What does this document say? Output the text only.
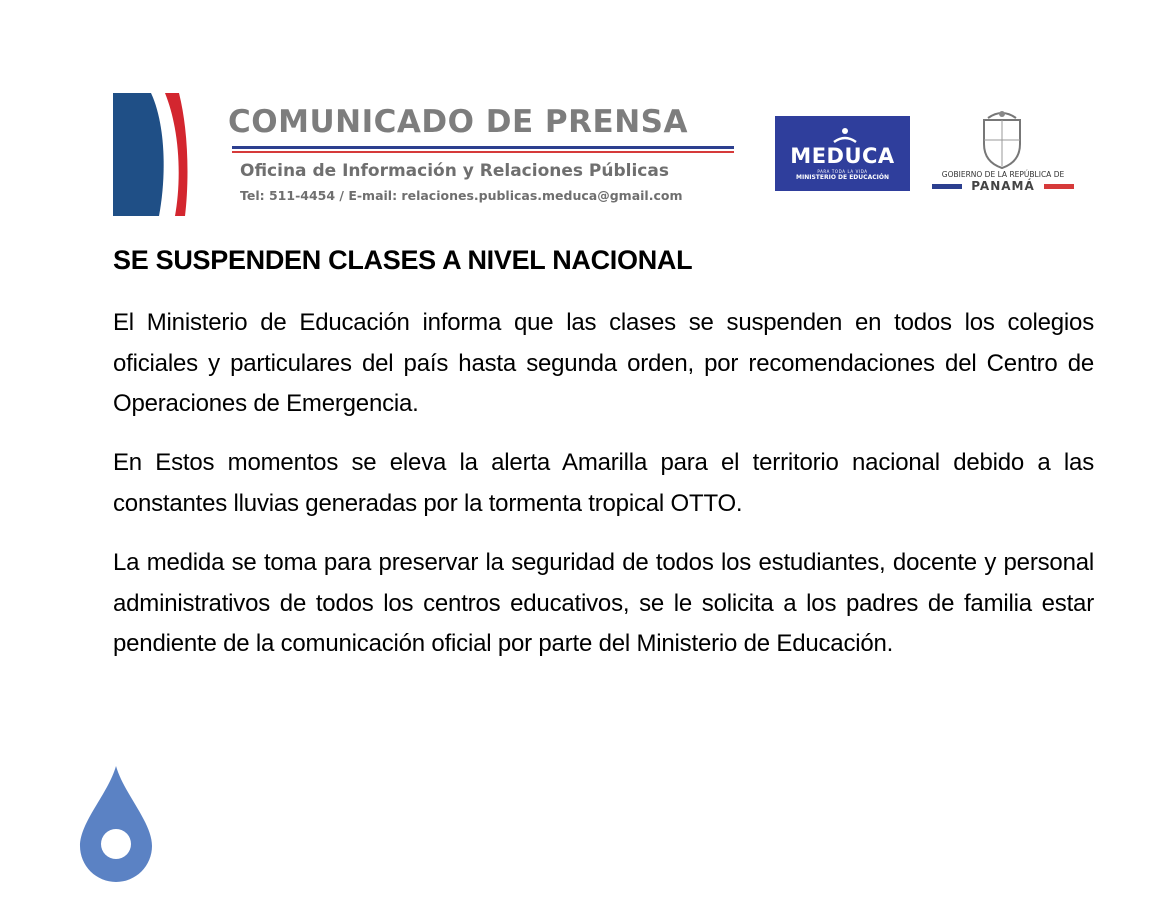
COMUNICADO DE PRENSA
Oficina de Información y Relaciones Públicas
Tel: 511-4454 / E-mail: relaciones.publicas.meduca@gmail.com
MEDUCA
PARA TODA LA VIDA
MINISTERIO DE EDUCACIÓN	GOBIERNO DE LA REPÚBLICA DE
PANAMÁ
SE SUSPENDEN CLASES A NIVEL NACIONAL

El Ministerio de Educación informa que las clases se suspenden en todos los colegios oficiales y particulares del país hasta segunda orden, por recomendaciones del Centro de Operaciones de Emergencia.

En Estos momentos se eleva la alerta Amarilla para el territorio nacional debido a las constantes lluvias generadas por la tormenta tropical OTTO.

La medida se toma para preservar la seguridad de todos los estudiantes, docente y personal administrativos de todos los centros educativos, se le solicita a los padres de familia estar pendiente de la comunicación oficial por parte del Ministerio de Educación.
